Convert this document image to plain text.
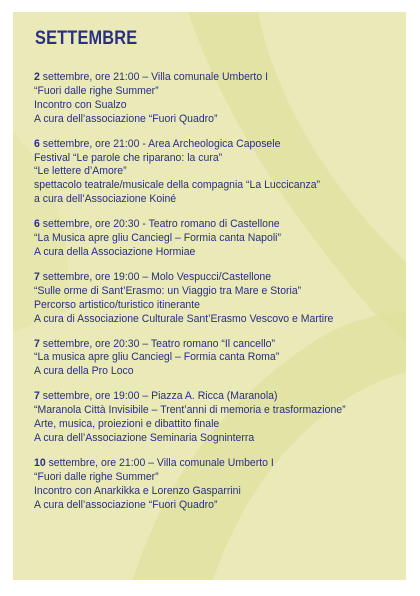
SETTEMBRE
2 settembre, ore 21:00 – Villa comunale Umberto I
“Fuori dalle righe Summer”
Incontro con Sualzo
A cura dell’associazione “Fuori Quadro”
6 settembre, ore 21:00 - Area Archeologica Caposele
Festival “Le parole che riparano: la cura”
“Le lettere d’Amore”
spettacolo teatrale/musicale della compagnia “La Luccicanza”
a cura dell’Associazione Koiné
6 settembre, ore 20:30 - Teatro romano di Castellone
“La Musica apre gliu Canciegl – Formia canta Napoli”
A cura della Associazione Hormiae
7 settembre, ore 19:00 – Molo Vespucci/Castellone
“Sulle orme di Sant’Erasmo: un Viaggio tra Mare e Storia”
Percorso artistico/turistico itinerante
A cura di Associazione Culturale Sant’Erasmo Vescovo e Martire
7 settembre, ore 20:30 – Teatro romano “Il cancello”
“La musica apre gliu Canciegl – Formia canta Roma”
A cura della Pro Loco
7 settembre, ore 19:00 – Piazza A. Ricca (Maranola)
“Maranola Città Invisibile – Trent’anni di memoria e trasformazione”
Arte, musica, proiezioni e dibattito finale
A cura dell’Associazione Seminaria Sogninterra
10 settembre, ore 21:00 – Villa comunale Umberto I
“Fuori dalle righe Summer”
Incontro con Anarkikka e Lorenzo Gasparrini
A cura dell’associazione “Fuori Quadro”
